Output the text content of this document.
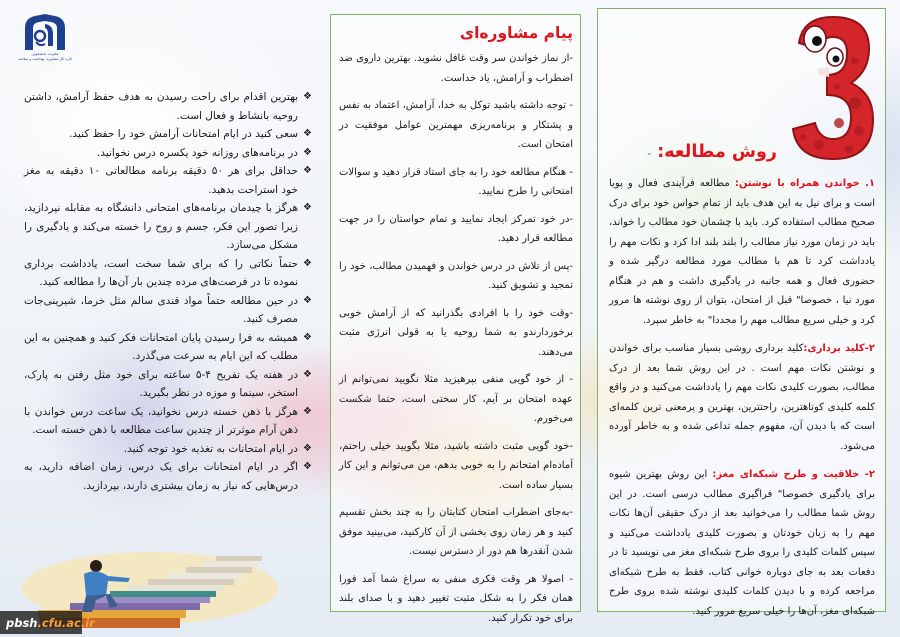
معاونت دانشجویی
اداره کل مشاوره، بهداشت و سلامت
❖
بهترین اقدام برای راحت رسیدن به هدف حفظ آرامش، داشتن روحیه بانشاط و فعال است.
❖
سعی کنید در ایام امتحانات آرامش خود را حفظ کنید.
❖
در برنامه‌های روزانه خود یکسره درس نخوانید.
❖
حداقل برای هر ۵۰ دقیقه برنامه مطالعاتی ۱۰ دقیقه به مغز خود استراحت بدهید.
❖
هرگز با چیدمان برنامه‌های امتحانی دانشگاه به مقابله نپردازید، زیرا تصور این فکر، جسم و روح را خسته می‌کند و یادگیری را مشکل می‌سازد.
❖
حتماً نکاتی را که برای شما سخت است، یادداشت برداری نموده تا در فرصت‌های مرده چندین بار آن‌ها را مطالعه کنید.
❖
در حین مطالعه حتماً مواد قندی سالم مثل خرما، شیرینی‌جات مصرف کنید.
❖
همیشه به فرا رسیدن پایان امتحانات فکر کنید و همچنین به این مطلب که این ایام به سرعت می‌گذرد.
❖
در هفته یک تفریح ۴-۵ ساعته برای خود مثل رفتن به پارک، استخر، سینما و موزه در نظر بگیرید.
❖
هرگز با ذهن خسته درس نخوانید، یک ساعت درس خواندن با ذهن آرام موثرتر از چندین ساعت مطالعه با ذهن خسته است.
❖
در ایام امتحانات به تغذیه خود توجه کنید.
❖
اگر در ایام امتحانات برای یک درس، زمان اضافه دارید، به درس‌هایی که نیاز به زمان بیشتری دارند، بپردازید.
pbsh .cfu.ac.ir
پیام مشاوره‌ای

-از نماز خواندن سر وقت غافل نشوید. بهترین داروی ضد اضطراب و آرامش، یاد خداست.

- توجه داشته باشید توکل به خدا، آرامش، اعتماد به نفس و پشتکار و برنامه‌ریزی مهمترین عوامل موفقیت در امتحان است.

- هنگام مطالعه خود را به جای استاد قرار دهید و سوالات امتحانی را طرح نمایید.

-در خود تمرکز ایجاد نمایید و تمام حواستان را در جهت مطالعه قرار دهید.

-پس از تلاش در درس خواندن و فهمیدن مطالب، خود را تمجید و تشویق کنید.

-وقت خود را با افرادی بگذرانید که از آرامش خوبی برخوردارندو به شما روحیه یا به قولی انرژی مثبت می‌دهند.

- از خود گویی منفی بپرهیزید مثلا نگویید نمی‌توانم از عهده امتحان بر آیم، کار سختی است، حتما شکست می‌خورم.

-خود گویی مثبت داشته باشید، مثلا بگویید خیلی راحتم، آماده‌ام امتحانم را به خوبی بدهم، من می‌توانم و این کار بسیار ساده است.

-به‌جای اضطراب امتحان کتابتان را به چند بخش تقسیم کنید و هر زمان روی بخشی از آن کارکنید، می‌بینید موفق شدن آنقدرها هم دور از دسترس نیست.

- اصولا هر وقت فکری منفی به سراغ شما آمد فورا همان فکر را به شکل مثبت تغییر دهید و با صدای بلند برای خود تکرار کنید.

روش مطالعه: -

۱. خواندن همراه با نوشتن: مطالعه فرآیندی فعال و پویا است و برای نیل به این هدف باید از تمام حواس خود برای درک صحیح مطالب استفاده کرد. باید با چشمان خود مطالب را خواند، باید در زمان مورد نیاز مطالب را بلند بلند ادا کرد و نکات مهم را یادداشت کرد تا هم با مطالب مورد مطالعه درگیر شده و حضوری فعال و همه جانبه در یادگیری داشت و هم در هنگام مورد نیا ، خصوصا" قبل از امتحان، بتوان از روی نوشته ها مرور کرد و خیلی سریع مطالب مهم را مجددا" به خاطر سپرد.

۲-کلید برداری:کلید برداری روشی بسیار مناسب برای خواندن و نوشتن نکات مهم است . در این روش شما بعد از درک مطالب، بصورت کلیدی نکات مهم را یادداشت می‌کنید و در واقع کلمه کلیدی کوتاهترین، راحتترین، بهترین و پرمعنی ترین کلمه‌ای است که با دیدن آن، مفهوم جمله تداعی شده و به خاطر آورده می‌شود.

۲- خلاقیت و طرح شبکه‌ای مغز: این روش بهترین شیوه برای یادگیری خصوصا" فراگیری مطالب درسی است. در این روش شما مطالب را می‌خوانید بعد از درک حقیقی آن‌ها نکات مهم را به زبان خودتان و بصورت کلیدی یادداشت می‌کنید و سپس کلمات کلیدی را بروی طرح شبکه‌ای مغز می نویسید تا در دفعات بعد به جای دوباره خوانی کتاب، فقط به طرح شبکه‌ای مراجعه کرده و با دیدن کلمات کلیدی نوشته شده بروی طرح شبکه‌ای مغز، آن‌ها را خیلی سریع مرور کنید.
